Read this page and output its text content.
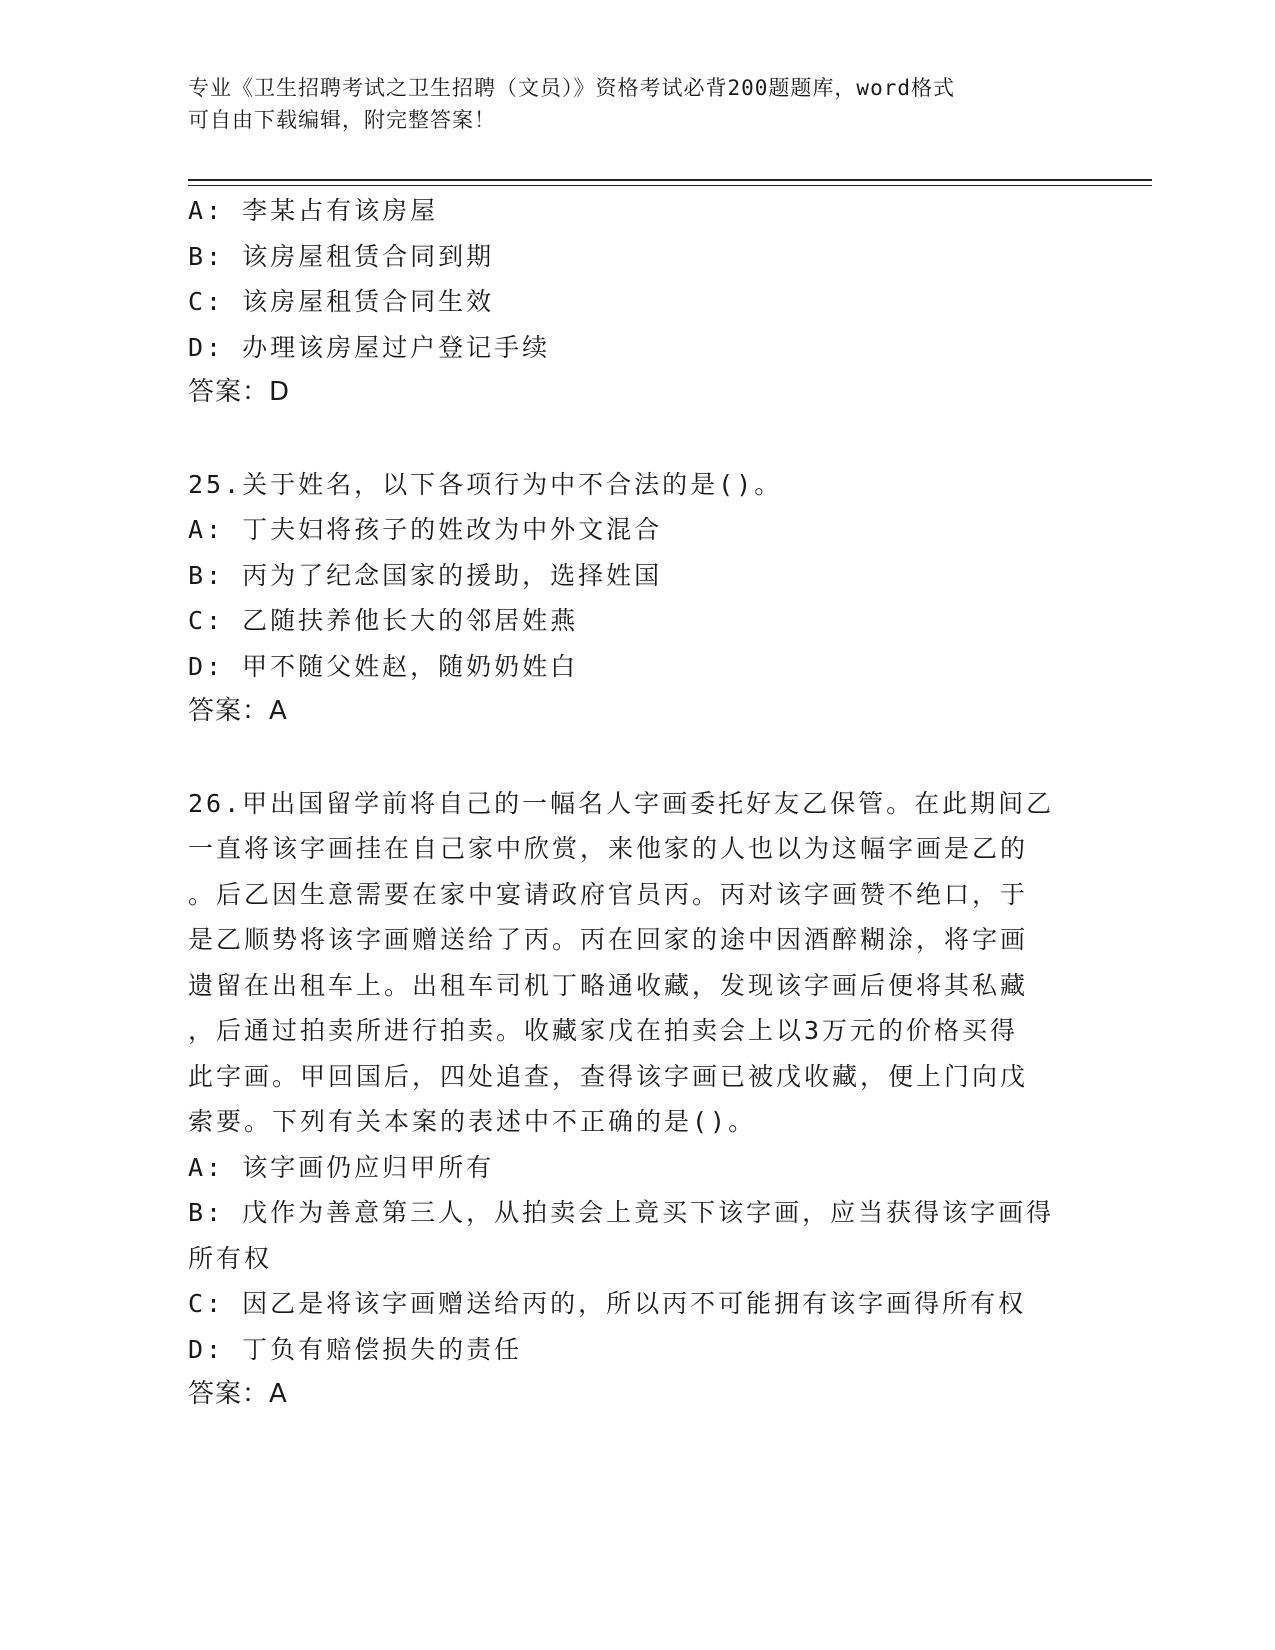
专业《卫生招聘考试之卫生招聘（文员）》资格考试必背200题题库，word格式
可自由下载编辑，附完整答案！
A: 李某占有该房屋
B: 该房屋租赁合同到期
C: 该房屋租赁合同生效
D: 办理该房屋过户登记手续
答案：D
25.关于姓名，以下各项行为中不合法的是()。
A: 丁夫妇将孩子的姓改为中外文混合
B: 丙为了纪念国家的援助，选择姓国
C: 乙随扶养他长大的邻居姓燕
D: 甲不随父姓赵，随奶奶姓白
答案：A
26.甲出国留学前将自己的一幅名人字画委托好友乙保管。在此期间乙
一直将该字画挂在自己家中欣赏，来他家的人也以为这幅字画是乙的
。后乙因生意需要在家中宴请政府官员丙。丙对该字画赞不绝口，于
是乙顺势将该字画赠送给了丙。丙在回家的途中因酒醉糊涂，将字画
遗留在出租车上。出租车司机丁略通收藏，发现该字画后便将其私藏
，后通过拍卖所进行拍卖。收藏家戊在拍卖会上以3万元的价格买得
此字画。甲回国后，四处追查，查得该字画已被戊收藏，便上门向戊
索要。下列有关本案的表述中不正确的是()。
A: 该字画仍应归甲所有
B: 戊作为善意第三人，从拍卖会上竟买下该字画，应当获得该字画得
所有权
C: 因乙是将该字画赠送给丙的，所以丙不可能拥有该字画得所有权
D: 丁负有赔偿损失的责任
答案：A
